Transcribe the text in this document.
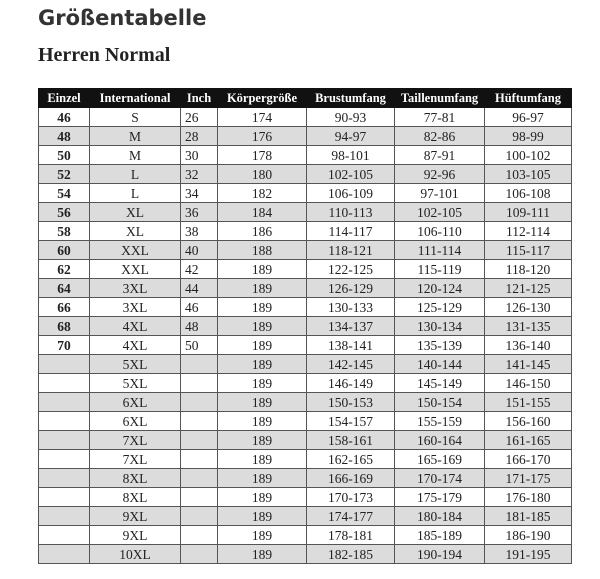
Größentabelle
Herren Normal
Einzel	International	Inch	Körpergröße	Brustumfang	Taillenumfang	Hüftumfang
46	S	26	174	90-93	77-81	96-97
48	M	28	176	94-97	82-86	98-99
50	M	30	178	98-101	87-91	100-102
52	L	32	180	102-105	92-96	103-105
54	L	34	182	106-109	97-101	106-108
56	XL	36	184	110-113	102-105	109-111
58	XL	38	186	114-117	106-110	112-114
60	XXL	40	188	118-121	111-114	115-117
62	XXL	42	189	122-125	115-119	118-120
64	3XL	44	189	126-129	120-124	121-125
66	3XL	46	189	130-133	125-129	126-130
68	4XL	48	189	134-137	130-134	131-135
70	4XL	50	189	138-141	135-139	136-140
	5XL		189	142-145	140-144	141-145
	5XL		189	146-149	145-149	146-150
	6XL		189	150-153	150-154	151-155
	6XL		189	154-157	155-159	156-160
	7XL		189	158-161	160-164	161-165
	7XL		189	162-165	165-169	166-170
	8XL		189	166-169	170-174	171-175
	8XL		189	170-173	175-179	176-180
	9XL		189	174-177	180-184	181-185
	9XL		189	178-181	185-189	186-190
	10XL		189	182-185	190-194	191-195
